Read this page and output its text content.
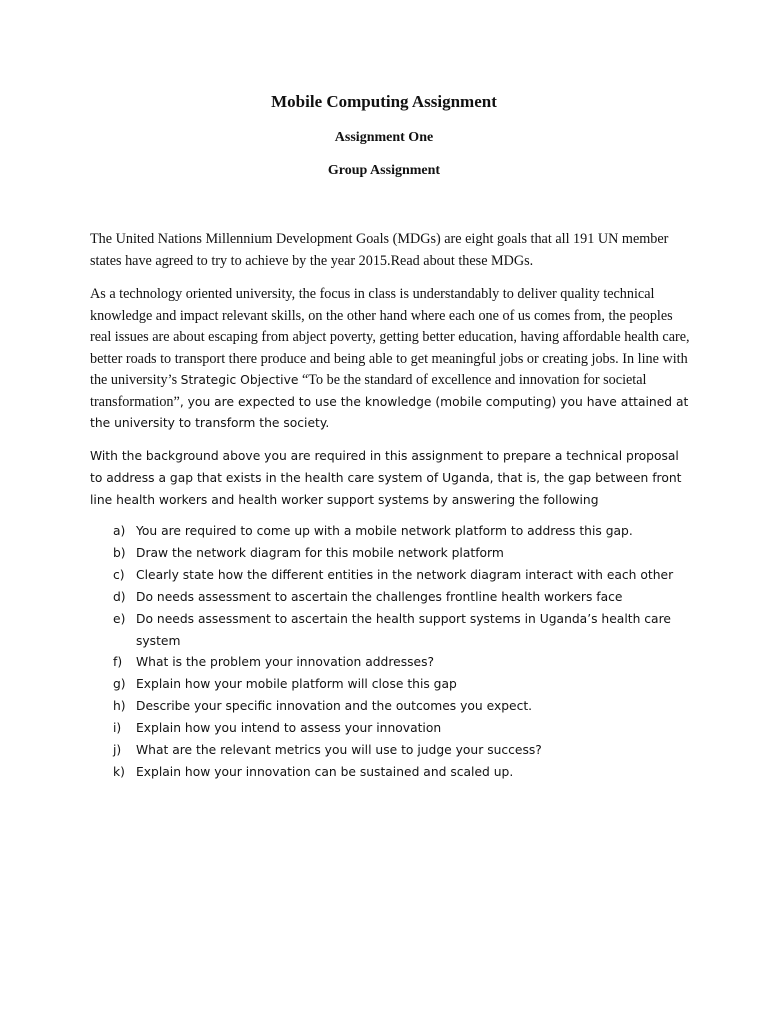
Mobile Computing Assignment
Assignment One
Group Assignment

The United Nations Millennium Development Goals (MDGs) are eight goals that all 191 UN member states have agreed to try to achieve by the year 2015.Read about these MDGs.

As a technology oriented university, the focus in class is understandably to deliver quality technical knowledge and impact relevant skills, on the other hand where each one of us comes from, the peoples real issues are about escaping from abject poverty, getting better education, having affordable health care, better roads to transport there produce and being able to get meaningful jobs or creating jobs. In line with the university’s Strategic Objective “To be the standard of excellence and innovation for societal transformation”, you are expected to use the knowledge (mobile computing) you have attained at the university to transform the society.

With the background above you are required in this assignment to prepare a technical proposal to address a gap that exists in the health care system of Uganda, that is, the gap between front line health workers and health worker support systems by answering the following

a) You are required to come up with a mobile network platform to address this gap.
b) Draw the network diagram for this mobile network platform
c) Clearly state how the different entities in the network diagram interact with each other
d) Do needs assessment to ascertain the challenges frontline health workers face
e) Do needs assessment to ascertain the health support systems in Uganda’s health care system
f) What is the problem your innovation addresses?
g) Explain how your mobile platform will close this gap
h) Describe your specific innovation and the outcomes you expect.
i) Explain how you intend to assess your innovation
j) What are the relevant metrics you will use to judge your success?
k) Explain how your innovation can be sustained and scaled up.
